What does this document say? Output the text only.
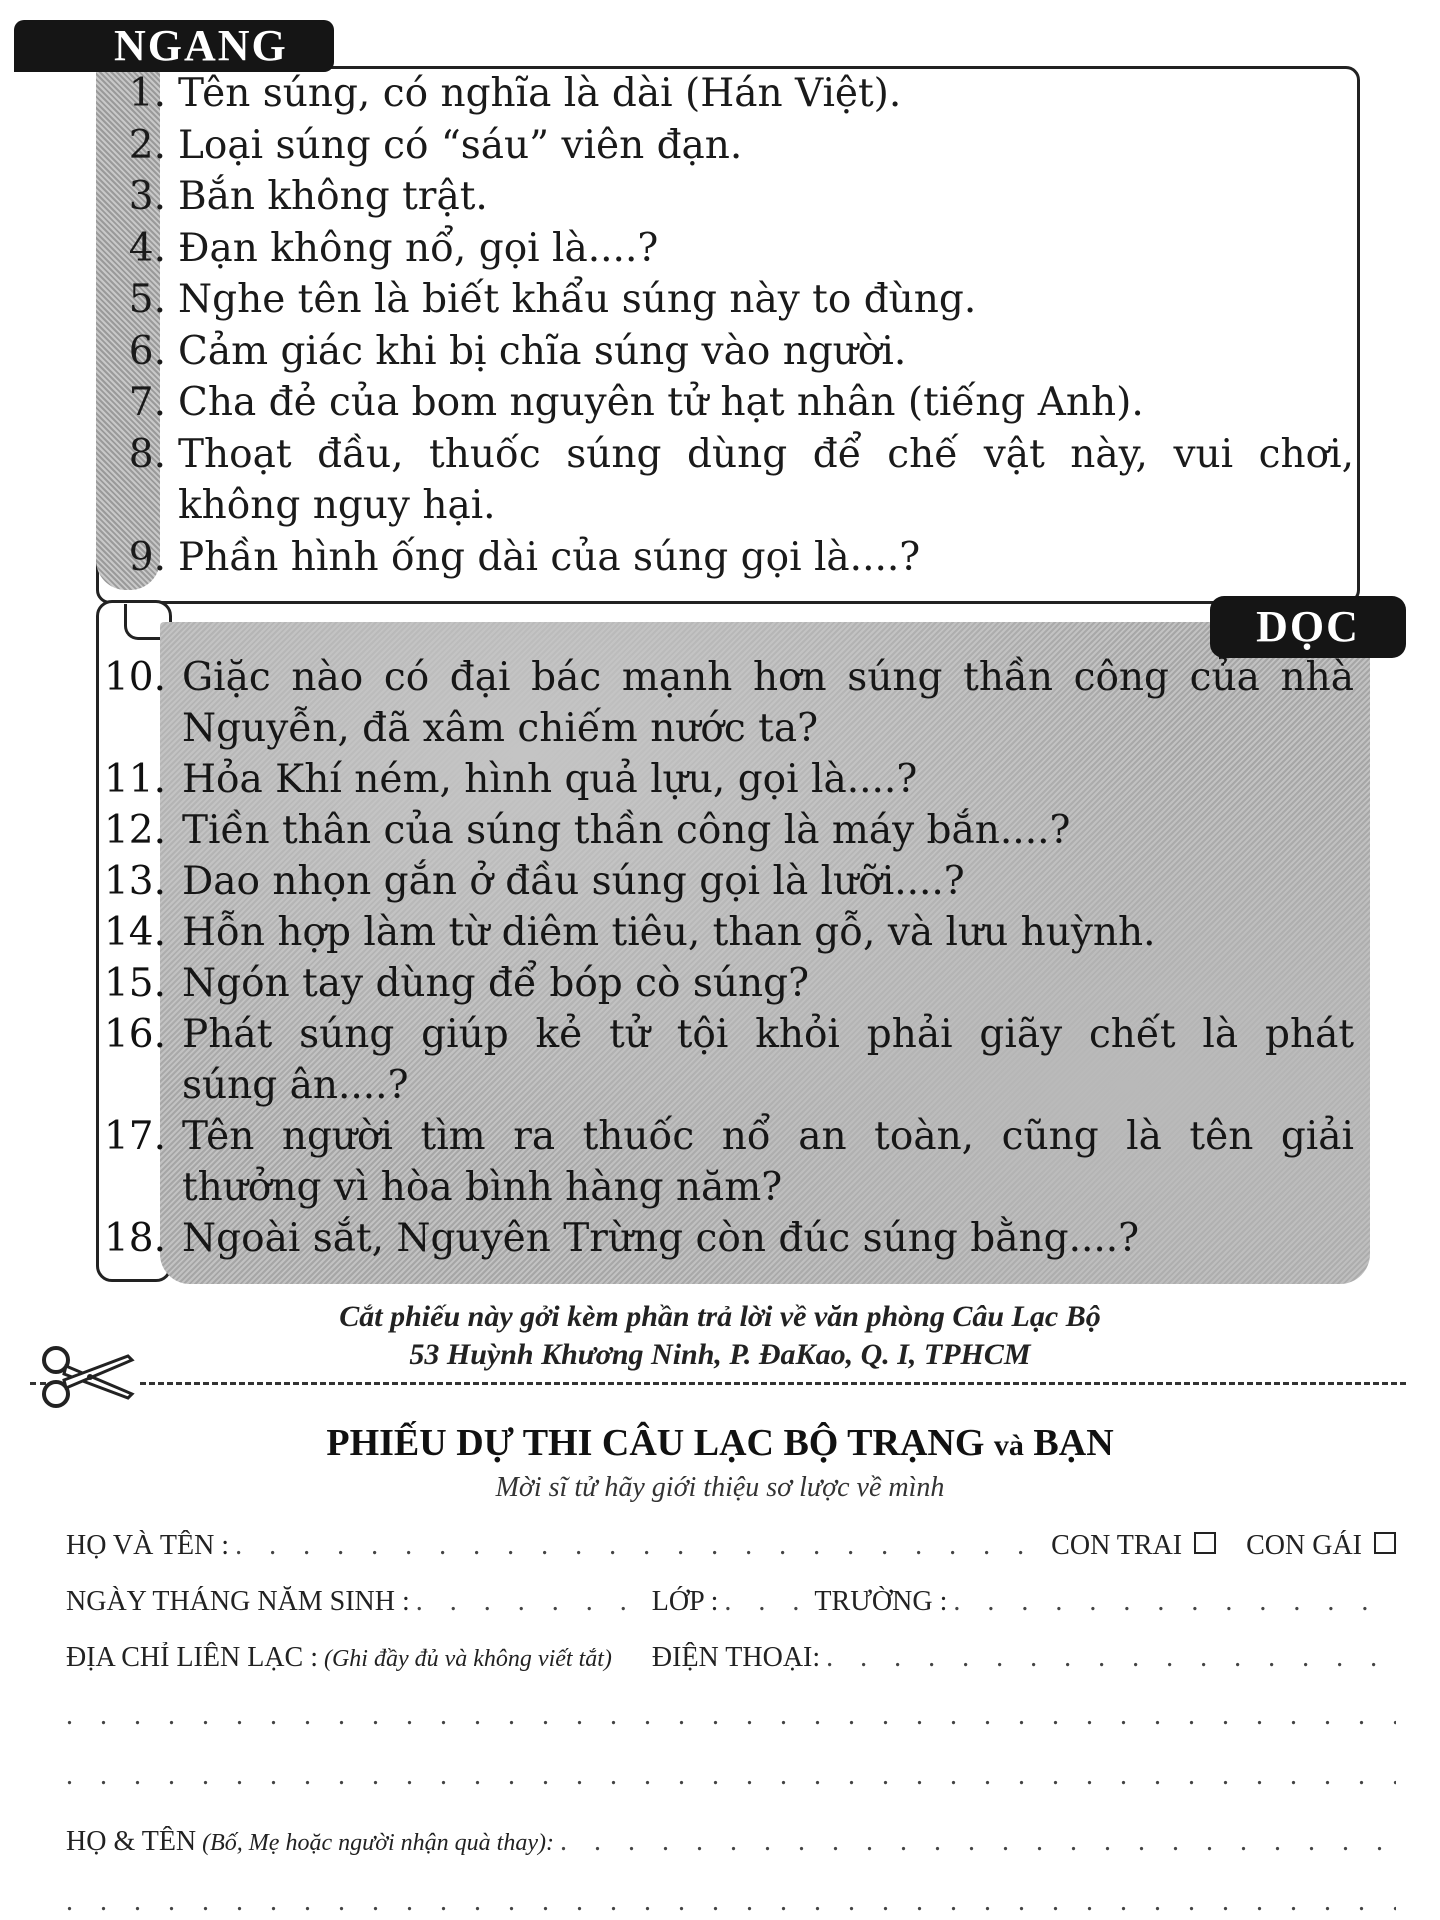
NGANG
1. Tên súng, có nghĩa là dài (Hán Việt).
2. Loại súng có “sáu” viên đạn.
3. Bắn không trật.
4. Đạn không nổ, gọi là....?
5. Nghe tên là biết khẩu súng này to đùng.
6. Cảm giác khi bị chĩa súng vào người.
7. Cha đẻ của bom nguyên tử hạt nhân (tiếng Anh).
8. Thoạt đầu, thuốc súng dùng để chế vật này, vui chơi,
không nguy hại.
9. Phần hình ống dài của súng gọi là....?
DỌC
10. Giặc nào có đại bác mạnh hơn súng thần công của nhà
Nguyễn, đã xâm chiếm nước ta?
11. Hỏa Khí ném, hình quả lựu, gọi là....?
12. Tiền thân của súng thần công là máy bắn....?
13. Dao nhọn gắn ở đầu súng gọi là lưỡi....?
14. Hỗn hợp làm từ diêm tiêu, than gỗ, và lưu huỳnh.
15. Ngón tay dùng để bóp cò súng?
16. Phát súng giúp kẻ tử tội khỏi phải giãy chết là phát
súng ân....?
17. Tên người tìm ra thuốc nổ an toàn, cũng là tên giải
thưởng vì hòa bình hàng năm?
18. Ngoài sắt, Nguyên Trừng còn đúc súng bằng....?
Cắt phiếu này gởi kèm phần trả lời về văn phòng Câu Lạc Bộ
53 Huỳnh Khương Ninh, P. ĐaKao, Q. I, TPHCM
PHIẾU DỰ THI CÂU LẠC BỘ TRẠNG và BẠN
Mời sĩ tử hãy giới thiệu sơ lược về mình
HỌ VÀ TÊN : . . .	CON TRAI CON GÁI
NGÀY THÁNG NĂM SINH : . . .	LỚP : . . .	TRƯỜNG :
. . .
ĐỊA CHỈ LIÊN LẠC : (Ghi đầy đủ và không viết tắt) ĐIỆN THOẠI:
. . .
. . .
. . .
HỌ & TÊN (Bố, Mẹ hoặc người nhận quà thay):
. . .
. . .
